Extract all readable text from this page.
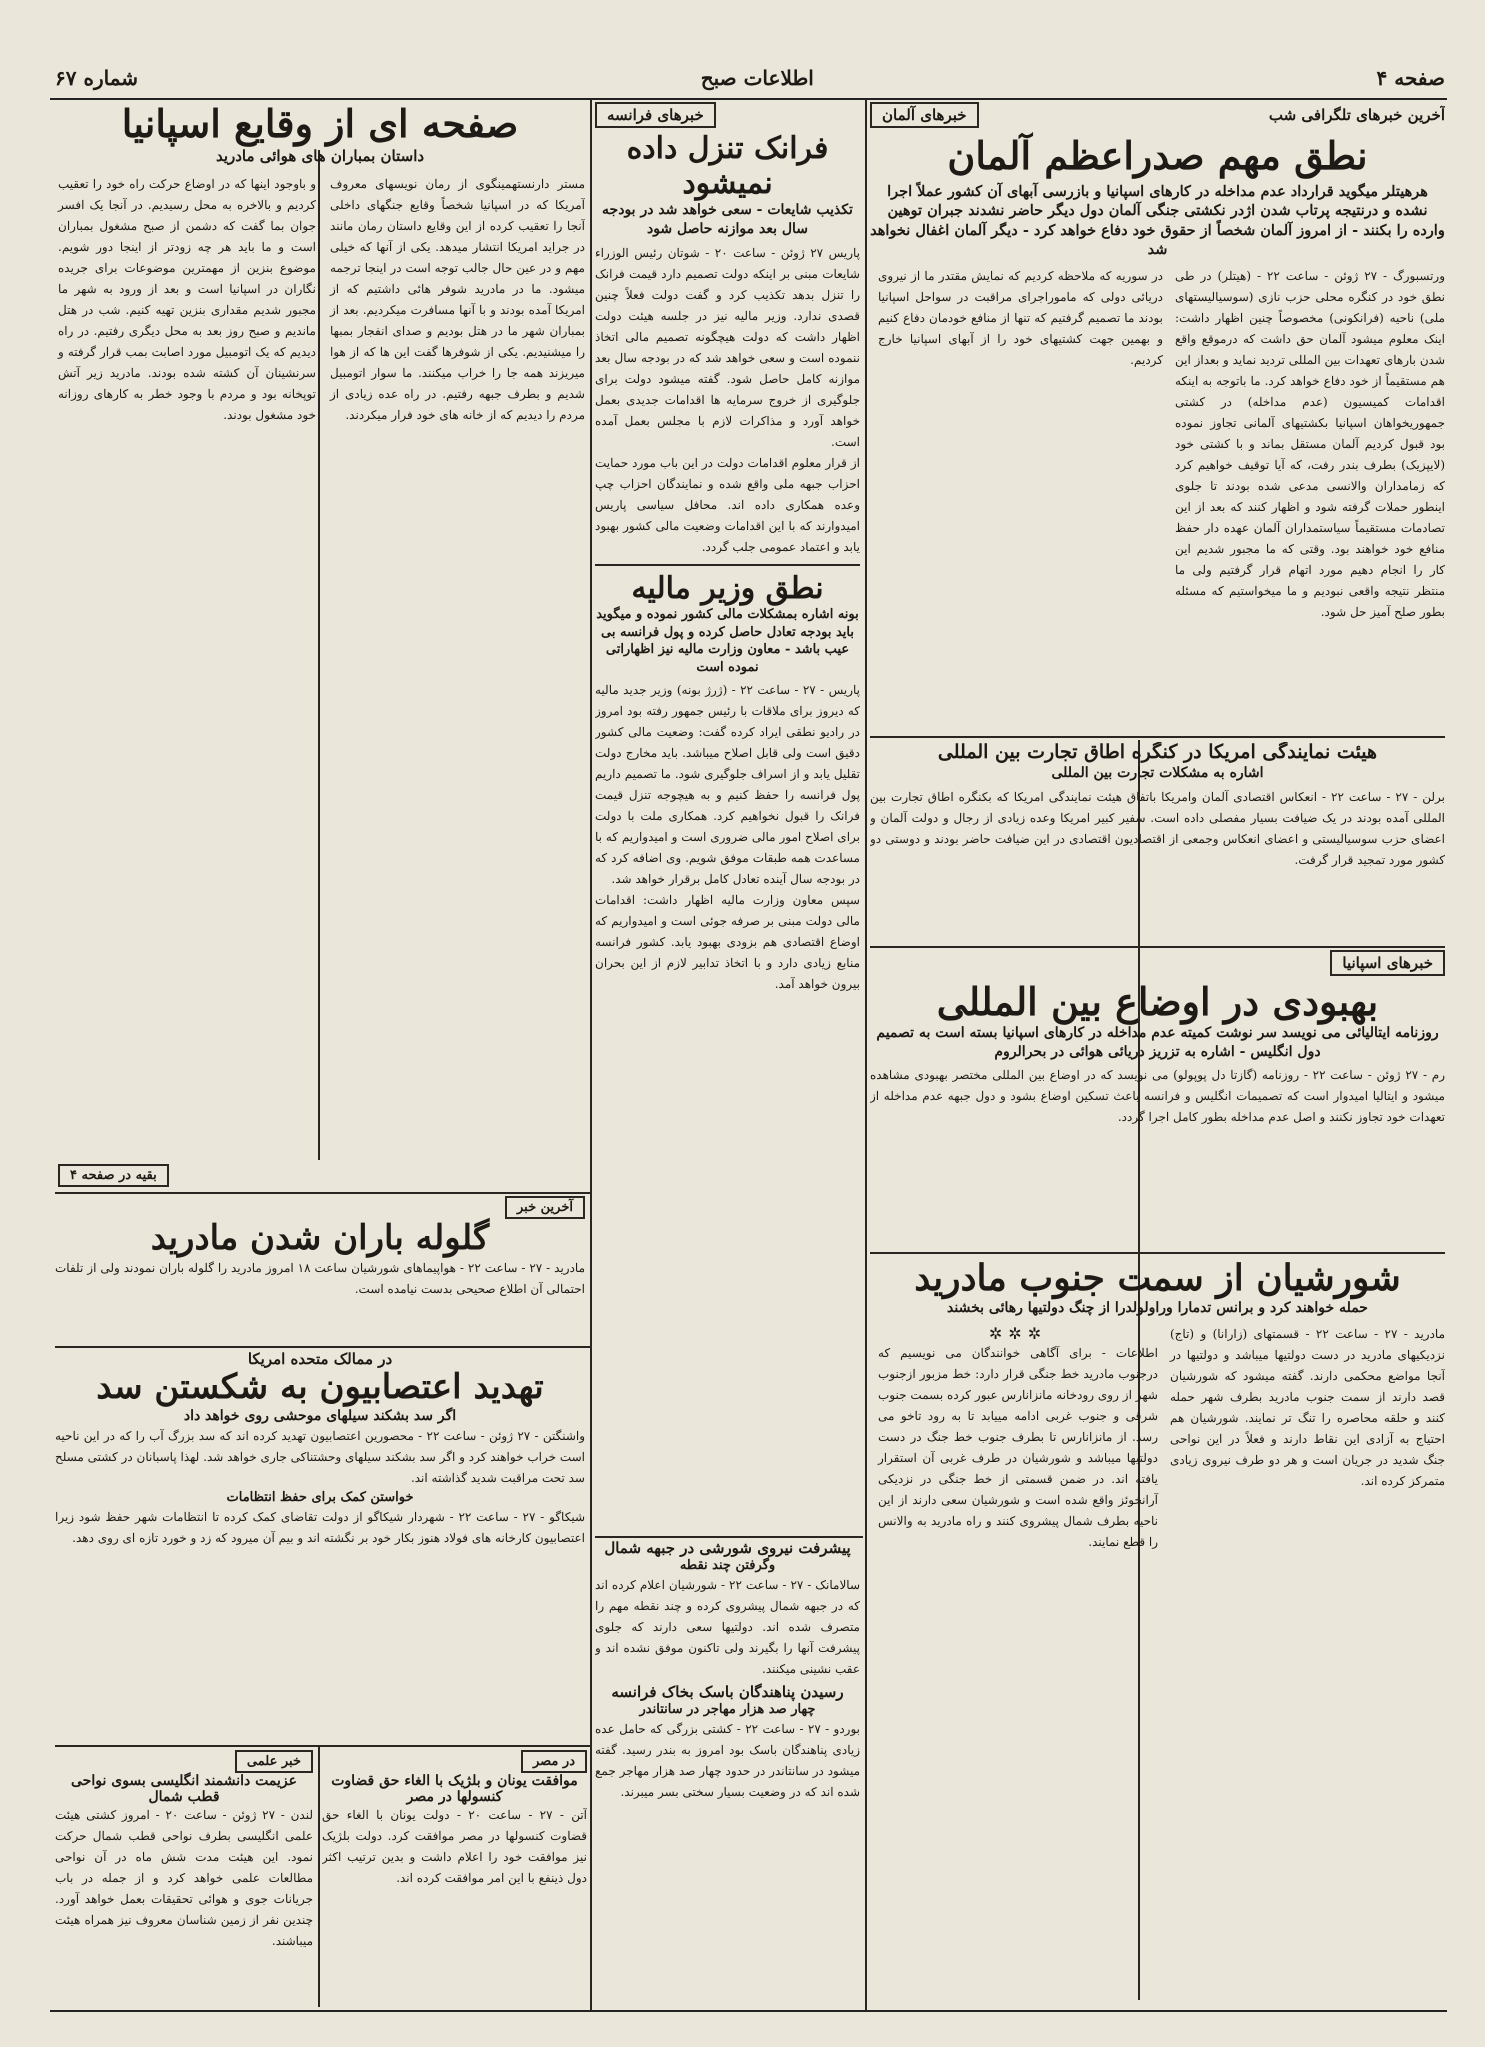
صفحه ۴
اطلاعات صبح
شماره ۶۷
آخرین خبرهای تلگرافی شب
خبرهای آلمان

نطق مهم صدراعظم آلمان

هرهیتلر میگوید قرارداد عدم مداخله در کارهای اسپانیا و بازرسی آبهای آن کشور عملاً اجرا نشده و درنتیجه پرتاب شدن اژدر نکشتی جنگی آلمان دول دیگر حاضر نشدند جبران توهین وارده را بکنند - از امروز آلمان شخصاً از حقوق خود دفاع خواهد کرد - دیگر آلمان اغفال نخواهد شد

ورتسبورگ - ۲۷ ژوئن - ساعت ۲۲ - (هیتلر) در طی نطق خود در کنگره محلی حزب نازی (سوسیالیستهای ملی) ناحیه (فرانکونی) مخصوصاً چنین اظهار داشت: اینک معلوم میشود آلمان حق داشت که درموقع واقع شدن بارهای تعهدات بین المللی تردید نماید و بعداز این هم مستقیماً از خود دفاع خواهد کرد. ما باتوجه به اینکه اقدامات کمیسیون (عدم مداخله) در کشتی جمهوریخواهان اسپانیا بکشتیهای آلمانی تجاوز نموده بود قبول کردیم آلمان مستقل بماند و با کشتی خود (لایپزیک) بطرف بندر رفت، که آیا توقیف خواهیم کرد که زمامداران والانسی مدعی شده بودند تا جلوی اینطور حملات گرفته شود و اظهار کنند که بعد از این تصادمات مستقیماً سیاستمداران آلمان عهده دار حفظ منافع خود خواهند بود. وقتی که ما مجبور شدیم این کار را انجام دهیم مورد اتهام قرار گرفتیم ولی ما منتظر نتیجه واقعی نبودیم و ما میخواستیم که مسئله بطور صلح آمیز حل شود.

در سوریه که ملاحظه کردیم که نمایش مقتدر ما از نیروی دریائی دولی که ماموراجرای مراقبت در سواحل اسپانیا بودند ما تصمیم گرفتیم که تنها از منافع خودمان دفاع کنیم و بهمین جهت کشتیهای خود را از آبهای اسپانیا خارج کردیم.

هیئت نمایندگی امریکا در کنگره اطاق تجارت بین المللی

اشاره به مشکلات تجارت بین المللی

برلن - ۲۷ - ساعت ۲۲ - انعکاس اقتصادی آلمان وامریکا باتفاق هیئت نمایندگی امریکا که بکنگره اطاق تجارت بین المللی آمده بودند در یک ضیافت بسیار مفصلی داده است. سفیر کبیر امریکا وعده زیادی از رجال و دولت آلمان و اعضای حزب سوسیالیستی و اعضای انعکاس وجمعی از اقتصادیون اقتصادی در این ضیافت حاضر بودند و دوستی دو کشور مورد تمجید قرار گرفت.

خبرهای اسپانیا

بهبودی در اوضاع بین المللی

روزنامه ایتالیائی می نویسد سر نوشت کمیته عدم مداخله در کارهای اسپانیا بسته است به تصمیم دول انگلیس - اشاره به تزریز دریائی هوائی در بحرالروم

رم - ۲۷ ژوئن - ساعت ۲۲ - روزنامه (گازتا دل پوپولو) می نویسد که در اوضاع بین المللی مختصر بهبودی مشاهده میشود و ایتالیا امیدوار است که تصمیمات انگلیس و فرانسه باعث تسکین اوضاع بشود و دول جبهه عدم مداخله از تعهدات خود تجاوز نکنند و اصل عدم مداخله بطور کامل اجرا گردد.

شورشیان از سمت جنوب مادرید

حمله خواهند کرد و برانس تدمارا وراولولدرا از چنگ دولتیها رهائی بخشند

مادرید - ۲۷ - ساعت ۲۲ - قسمتهای (زارانا) و (تاج) نزدیکیهای مادرید در دست دولتیها میباشد و دولتیها در آنجا مواضع محکمی دارند. گفته میشود که شورشیان قصد دارند از سمت جنوب مادرید بطرف شهر حمله کنند و حلقه محاصره را تنگ تر نمایند. شورشیان هم احتیاج به آزادی این نقاط دارند و فعلاً در این نواحی جنگ شدید در جریان است و هر دو طرف نیروی زیادی متمرکز کرده اند.

✲✲✲

اطلاعات - برای آگاهی خوانندگان می نویسیم که درجنوب مادرید خط جنگی قرار دارد: خط مزبور ازجنوب شهر از روی رودخانه مانزانارس عبور کرده بسمت جنوب شرقی و جنوب غربی ادامه مییابد تا به رود تاخو می رسد. از مانزانارس تا بطرف جنوب خط جنگ در دست دولتیها میباشد و شورشیان در طرف غربی آن استقرار یافته اند. در ضمن قسمتی از خط جنگی در نزدیکی آرانخوئز واقع شده است و شورشیان سعی دارند از این ناحیه بطرف شمال پیشروی کنند و راه مادرید به والانس را قطع نمایند.

خبرهای فرانسه

فرانک تنزل داده نمیشود

تکذیب شایعات - سعی خواهد شد در بودجه سال بعد موازنه حاصل شود

پاریس ۲۷ ژوئن - ساعت ۲۰ - شوتان رئیس الوزراء شایعات مبنی بر اینکه دولت تصمیم دارد قیمت فرانک را تنزل بدهد تکذیب کرد و گفت دولت فعلاً چنین قصدی ندارد. وزیر مالیه نیز در جلسه هیئت دولت اظهار داشت که دولت هیچگونه تصمیم مالی اتخاذ ننموده است و سعی خواهد شد که در بودجه سال بعد موازنه کامل حاصل شود. گفته میشود دولت برای جلوگیری از خروج سرمایه ها اقدامات جدیدی بعمل خواهد آورد و مذاکرات لازم با مجلس بعمل آمده است.

از قرار معلوم اقدامات دولت در این باب مورد حمایت احزاب جبهه ملی واقع شده و نمایندگان احزاب چپ وعده همکاری داده اند. محافل سیاسی پاریس امیدوارند که با این اقدامات وضعیت مالی کشور بهبود یابد و اعتماد عمومی جلب گردد.

نطق وزیر مالیه

بونه اشاره بمشکلات مالی کشور نموده و میگوید باید بودجه تعادل حاصل کرده و پول فرانسه بی عیب باشد - معاون وزارت مالیه نیز اظهاراتی نموده است

پاریس - ۲۷ - ساعت ۲۲ - (ژرژ بونه) وزیر جدید مالیه که دیروز برای ملاقات با رئیس جمهور رفته بود امروز در رادیو نطقی ایراد کرده گفت: وضعیت مالی کشور دقیق است ولی قابل اصلاح میباشد. باید مخارج دولت تقلیل یابد و از اسراف جلوگیری شود. ما تصمیم داریم پول فرانسه را حفظ کنیم و به هیچوجه تنزل قیمت فرانک را قبول نخواهیم کرد. همکاری ملت با دولت برای اصلاح امور مالی ضروری است و امیدواریم که با مساعدت همه طبقات موفق شویم. وی اضافه کرد که در بودجه سال آینده تعادل کامل برقرار خواهد شد.

سپس معاون وزارت مالیه اظهار داشت: اقدامات مالی دولت مبنی بر صرفه جوئی است و امیدواریم که اوضاع اقتصادی هم بزودی بهبود یابد. کشور فرانسه منابع زیادی دارد و با اتخاذ تدابیر لازم از این بحران بیرون خواهد آمد.

پیشرفت نیروی شورشی در جبهه شمال

وگرفتن چند نقطه

سالامانک - ۲۷ - ساعت ۲۲ - شورشیان اعلام کرده اند که در جبهه شمال پیشروی کرده و چند نقطه مهم را متصرف شده اند. دولتیها سعی دارند که جلوی پیشرفت آنها را بگیرند ولی تاکنون موفق نشده اند و عقب نشینی میکنند.

رسیدن پناهندگان باسک بخاک فرانسه

چهار صد هزار مهاجر در سانتاندر

بوردو - ۲۷ - ساعت ۲۲ - کشتی بزرگی که حامل عده زیادی پناهندگان باسک بود امروز به بندر رسید. گفته میشود در سانتاندر در حدود چهار صد هزار مهاجر جمع شده اند که در وضعیت بسیار سختی بسر میبرند.

صفحه ای از وقایع اسپانیا

داستان بمباران های هوائی مادرید

مستر دارنستهمینگوی از رمان نویسهای معروف آمریکا که در اسپانیا شخصاً وقایع جنگهای داخلی آنجا را تعقیب کرده از این وقایع داستان رمان مانند در جراید امریکا انتشار میدهد. یکی از آنها که خیلی مهم و در عین حال جالب توجه است در اینجا ترجمه میشود. ما در مادرید شوفر هائی داشتیم که از امریکا آمده بودند و با آنها مسافرت میکردیم. بعد از بمباران شهر ما در هتل بودیم و صدای انفجار بمبها را میشنیدیم. یکی از شوفرها گفت این ها که از هوا میریزند همه جا را خراب میکنند. ما سوار اتومبیل شدیم و بطرف جبهه رفتیم. در راه عده زیادی از مردم را دیدیم که از خانه های خود فرار میکردند.

و باوجود اینها که در اوضاع حرکت راه خود را تعقیب کردیم و بالاخره به محل رسیدیم. در آنجا یک افسر جوان بما گفت که دشمن از صبح مشغول بمباران است و ما باید هر چه زودتر از اینجا دور شویم. موضوع بنزین از مهمترین موضوعات برای جریده نگاران در اسپانیا است و بعد از ورود به شهر ما مجبور شدیم مقداری بنزین تهیه کنیم. شب در هتل ماندیم و صبح روز بعد به محل دیگری رفتیم. در راه دیدیم که یک اتومبیل مورد اصابت بمب قرار گرفته و سرنشینان آن کشته شده بودند. مادرید زیر آتش توپخانه بود و مردم با وجود خطر به کارهای روزانه خود مشغول بودند.

بقیه در صفحه ۴
آخرین خبر

گلوله باران شدن مادرید

مادرید - ۲۷ - ساعت ۲۲ - هواپیماهای شورشیان ساعت ۱۸ امروز مادرید را گلوله باران نمودند ولی از تلفات احتمالی آن اطلاع صحیحی بدست نیامده است.

در ممالک متحده امریکا

تهدید اعتصابیون به شکستن سد

اگر سد بشکند سیلهای موحشی روی خواهد داد

واشنگتن - ۲۷ ژوئن - ساعت ۲۲ - محصورین اعتصابیون تهدید کرده اند که سد بزرگ آب را که در این ناحیه است خراب خواهند کرد و اگر سد بشکند سیلهای وحشتناکی جاری خواهد شد. لهذا پاسبانان در کشتی مسلح سد تحت مراقبت شدید گذاشته اند.

خواستن کمک برای حفظ انتظامات

شیکاگو - ۲۷ - ساعت ۲۲ - شهردار شیکاگو از دولت تقاضای کمک کرده تا انتظامات شهر حفظ شود زیرا اعتصابیون کارخانه های فولاد هنوز بکار خود بر نگشته اند و بیم آن میرود که زد و خورد تازه ای روی دهد.

در مصر

موافقت یونان و بلژیک با الغاء حق قضاوت کنسولها در مصر

آتن - ۲۷ - ساعت ۲۰ - دولت یونان با الغاء حق قضاوت کنسولها در مصر موافقت کرد. دولت بلژیک نیز موافقت خود را اعلام داشت و بدین ترتیب اکثر دول ذینفع با این امر موافقت کرده اند.

خبر علمی

عزیمت دانشمند انگلیسی بسوی نواحی قطب شمال

لندن - ۲۷ ژوئن - ساعت ۲۰ - امروز کشتی هیئت علمی انگلیسی بطرف نواحی قطب شمال حرکت نمود. این هیئت مدت شش ماه در آن نواحی مطالعات علمی خواهد کرد و از جمله در باب جریانات جوی و هوائی تحقیقات بعمل خواهد آورد. چندین نفر از زمین شناسان معروف نیز همراه هیئت میباشند.
